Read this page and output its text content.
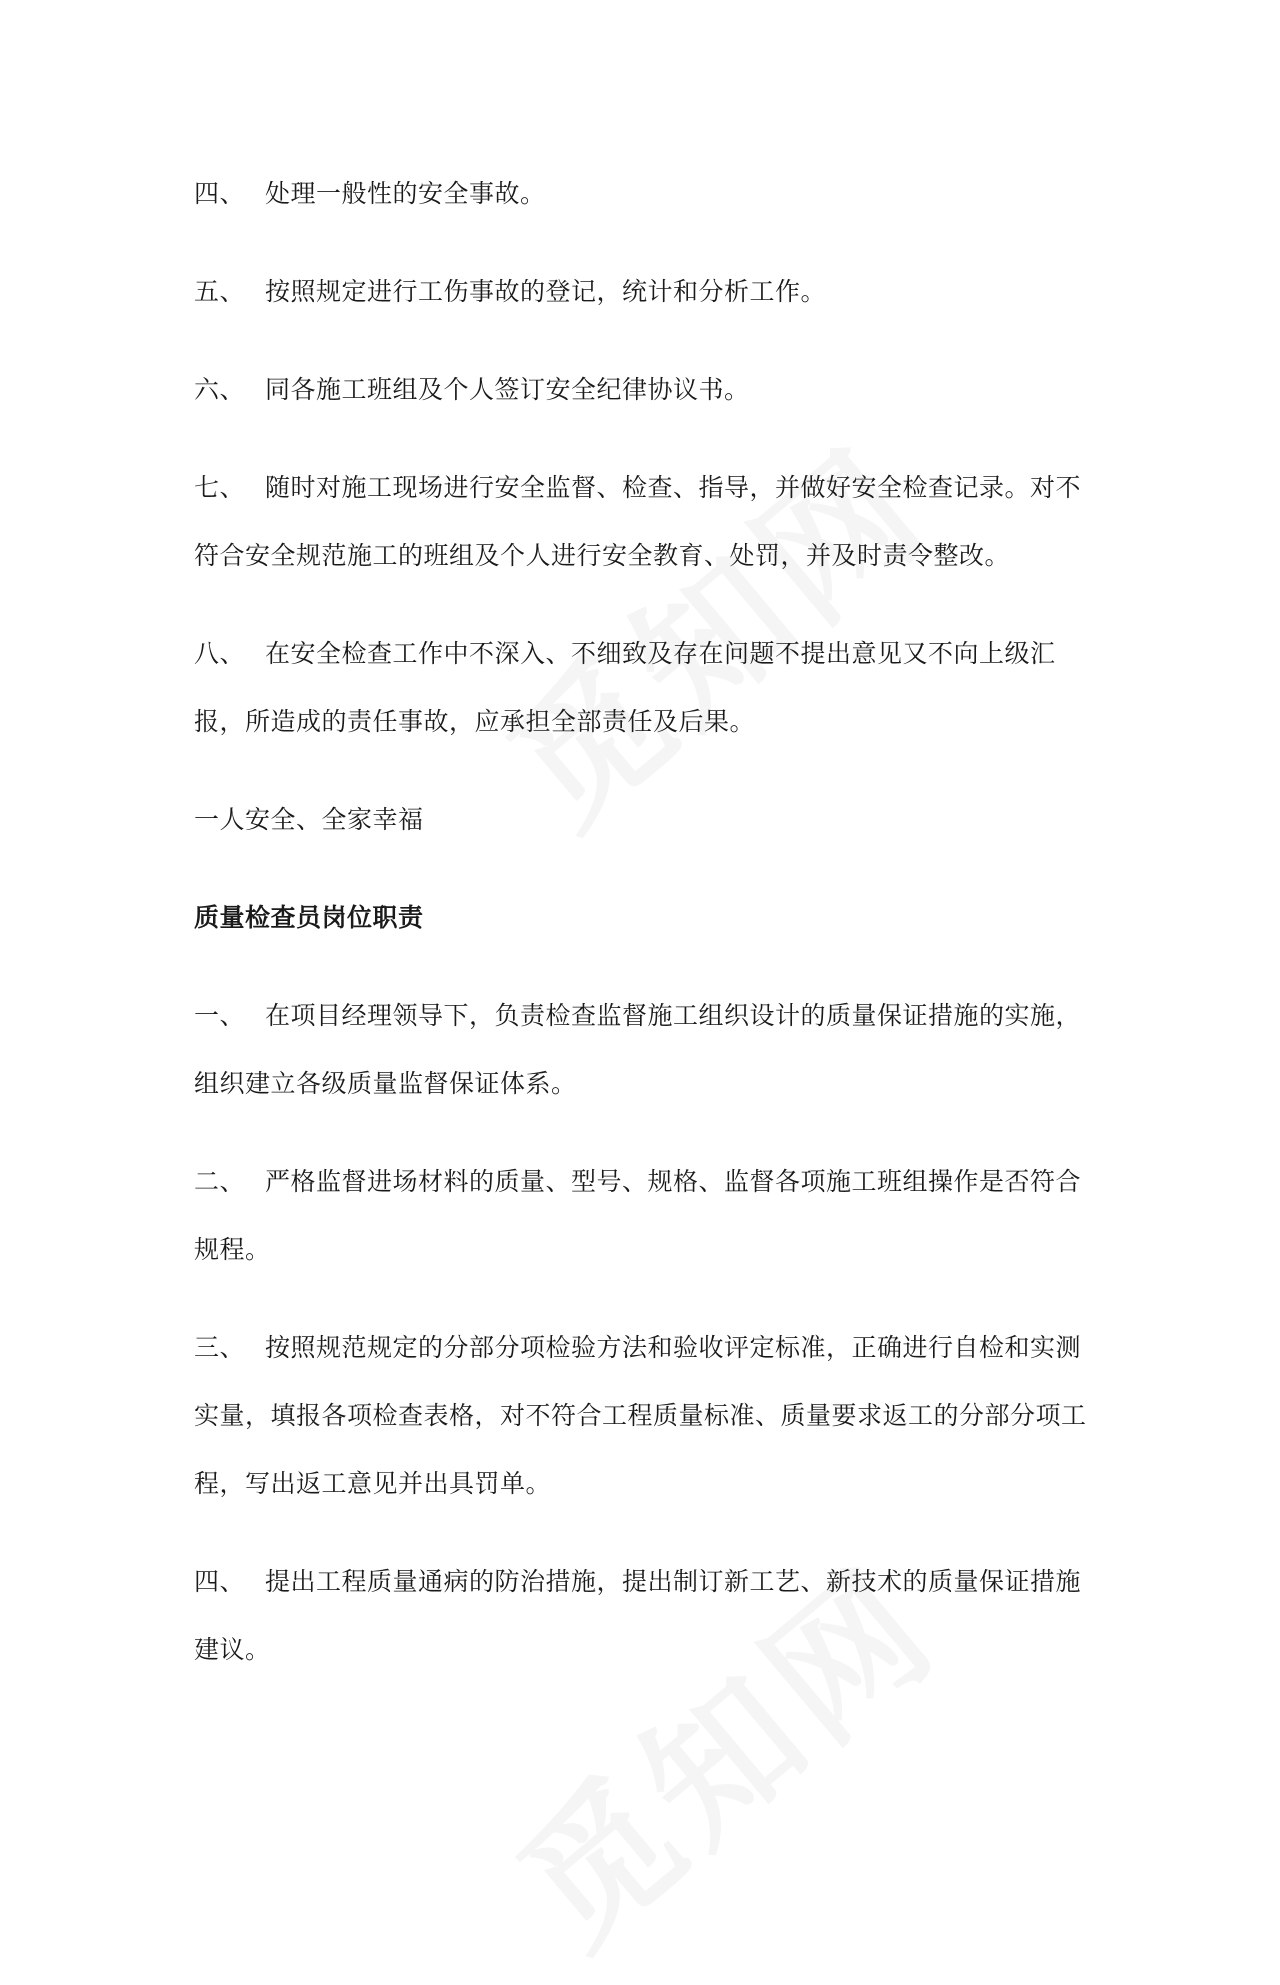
四、 处理一般性的安全事故。

五、 按照规定进行工伤事故的登记，统计和分析工作。

六、 同各施工班组及个人签订安全纪律协议书。

七、 随时对施工现场进行安全监督、检查、指导，并做好安全检查记录。对不符合安全规范施工的班组及个人进行安全教育、处罚，并及时责令整改。

八、 在安全检查工作中不深入、不细致及存在问题不提出意见又不向上级汇报，所造成的责任事故，应承担全部责任及后果。

一人安全、全家幸福

质量检查员岗位职责

一、 在项目经理领导下，负责检查监督施工组织设计的质量保证措施的实施，组织建立各级质量监督保证体系。

二、 严格监督进场材料的质量、型号、规格、监督各项施工班组操作是否符合规程。

三、 按照规范规定的分部分项检验方法和验收评定标准，正确进行自检和实测实量，填报各项检查表格，对不符合工程质量标准、质量要求返工的分部分项工程，写出返工意见并出具罚单。

四、 提出工程质量通病的防治措施，提出制订新工艺、新技术的质量保证措施建议。
